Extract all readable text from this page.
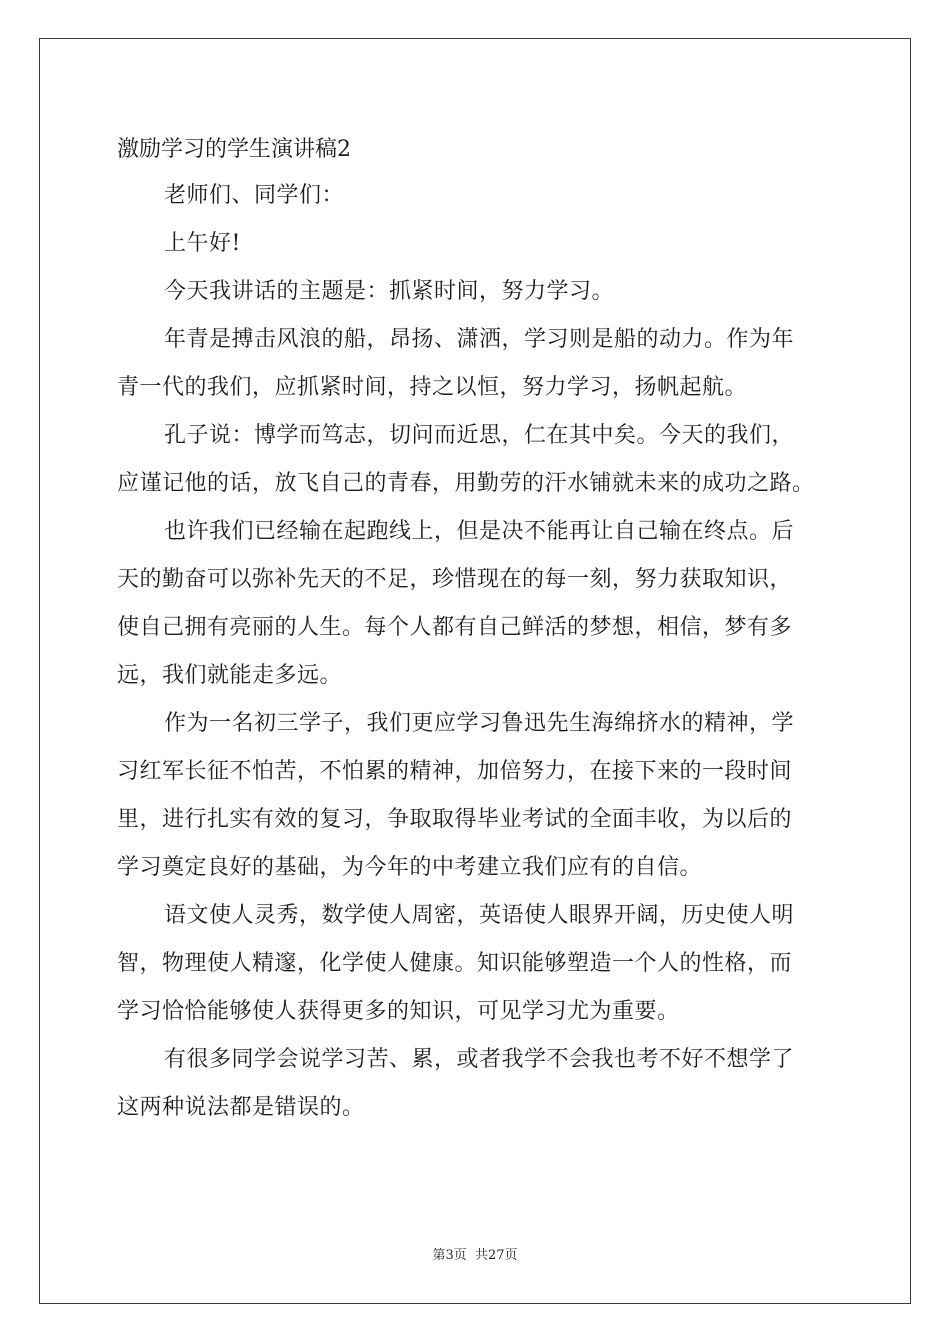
激励学习的学生演讲稿2
老师们、同学们：
上午好!
今天我讲话的主题是：抓紧时间，努力学习。
年青是搏击风浪的船，昂扬、潇洒，学习则是船的动力。作为年
青一代的我们，应抓紧时间，持之以恒，努力学习，扬帆起航。
孔子说：博学而笃志，切问而近思，仁在其中矣。今天的我们，
应谨记他的话，放飞自己的青春，用勤劳的汗水铺就未来的成功之路。
也许我们已经输在起跑线上，但是决不能再让自己输在终点。后
天的勤奋可以弥补先天的不足，珍惜现在的每一刻，努力获取知识，
使自己拥有亮丽的人生。每个人都有自己鲜活的梦想，相信，梦有多
远，我们就能走多远。
作为一名初三学子，我们更应学习鲁迅先生海绵挤水的精神，学
习红军长征不怕苦，不怕累的精神，加倍努力，在接下来的一段时间
里，进行扎实有效的复习，争取取得毕业考试的全面丰收，为以后的
学习奠定良好的基础，为今年的中考建立我们应有的自信。
语文使人灵秀，数学使人周密，英语使人眼界开阔，历史使人明
智，物理使人精邃，化学使人健康。知识能够塑造一个人的性格，而
学习恰恰能够使人获得更多的知识，可见学习尤为重要。
有很多同学会说学习苦、累，或者我学不会我也考不好不想学了
这两种说法都是错误的。
第3页 共27页
